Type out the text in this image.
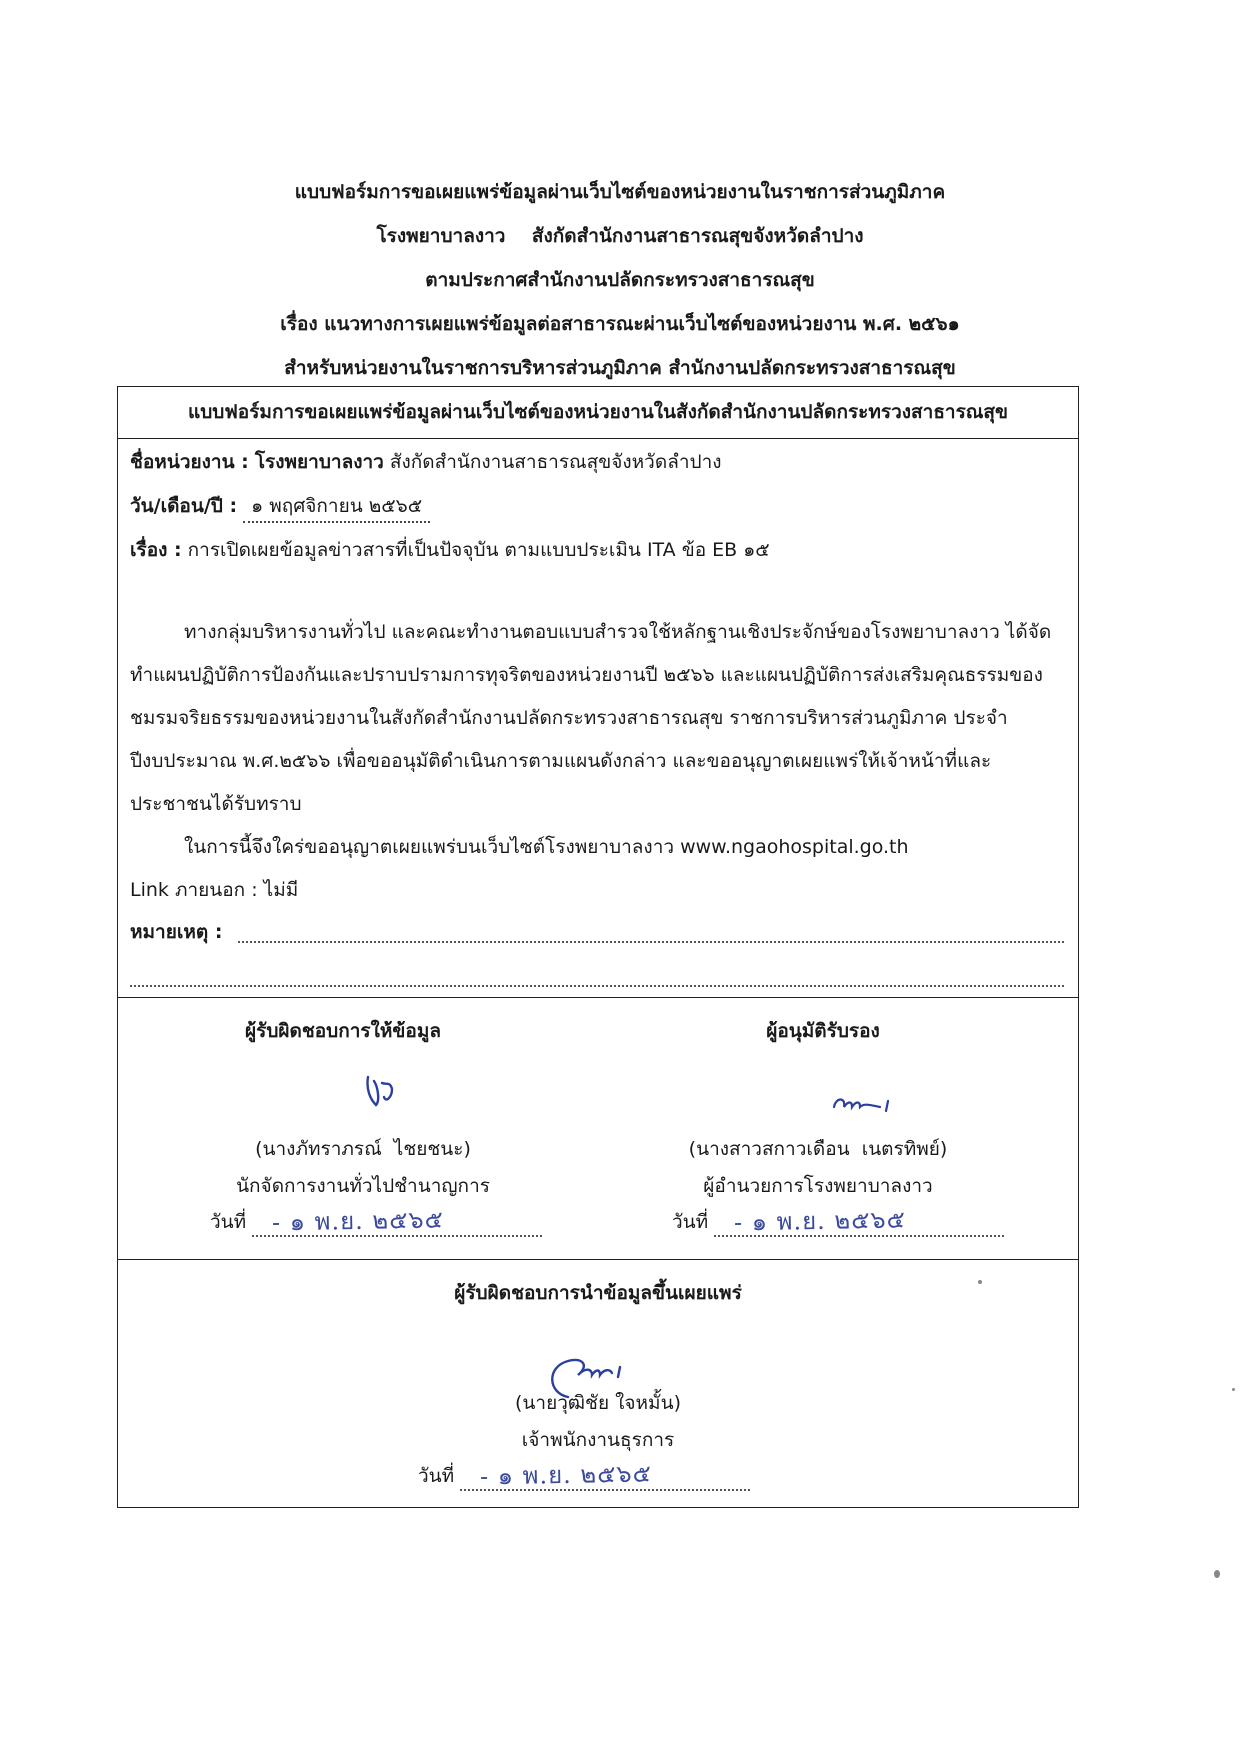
แบบฟอร์มการขอเผยแพร่ข้อมูลผ่านเว็บไซต์ของหน่วยงานในราชการส่วนภูมิภาค
โรงพยาบาลงาว    สังกัดสำนักงานสาธารณสุขจังหวัดลำปาง
ตามประกาศสำนักงานปลัดกระทรวงสาธารณสุข
เรื่อง แนวทางการเผยแพร่ข้อมูลต่อสาธารณะผ่านเว็บไซต์ของหน่วยงาน พ.ศ. ๒๕๖๑
สำหรับหน่วยงานในราชการบริหารส่วนภูมิภาค สำนักงานปลัดกระทรวงสาธารณสุข
แบบฟอร์มการขอเผยแพร่ข้อมูลผ่านเว็บไซต์ของหน่วยงานในสังกัดสำนักงานปลัดกระทรวงสาธารณสุข
ชื่อหน่วยงาน : โรงพยาบาลงาว สังกัดสำนักงานสาธารณสุขจังหวัดลำปาง
วัน/เดือน/ปี : ๑ พฤศจิกายน ๒๕๖๕
เรื่อง : การเปิดเผยข้อมูลข่าวสารที่เป็นปัจจุบัน ตามแบบประเมิน ITA ข้อ EB ๑๕

ทางกลุ่มบริหารงานทั่วไป และคณะทำงานตอบแบบสำรวจใช้หลักฐานเชิงประจักษ์ของโรงพยาบาลงาว ได้จัดทำแผนปฏิบัติการป้องกันและปราบปรามการทุจริตของหน่วยงานปี ๒๕๖๖ และแผนปฏิบัติการส่งเสริมคุณธรรมของชมรมจริยธรรมของหน่วยงานในสังกัดสำนักงานปลัดกระทรวงสาธารณสุข ราชการบริหารส่วนภูมิภาค ประจำปีงบประมาณ พ.ศ.๒๕๖๖ เพื่อขออนุมัติดำเนินการตามแผนดังกล่าว และขออนุญาตเผยแพร่ให้เจ้าหน้าที่และประชาชนได้รับทราบ

ในการนี้จึงใคร่ขออนุญาตเผยแพร่บนเว็บไซต์โรงพยาบาลงาว www.ngaohospital.go.th

Link ภายนอก : ไม่มี
หมายเหตุ :
ผู้รับผิดชอบการให้ข้อมูล
(นางภัทราภรณ์  ไชยชนะ)
นักจัดการงานทั่วไปชำนาญการ
วันที่ - ๑ พ.ย. ๒๕๖๕
ผู้อนุมัติรับรอง
(นางสาวสกาวเดือน  เนตรทิพย์)
ผู้อำนวยการโรงพยาบาลงาว
วันที่ - ๑ พ.ย. ๒๕๖๕
ผู้รับผิดชอบการนำข้อมูลขึ้นเผยแพร่
(นายวุฒิชัย ใจหมั้น)
เจ้าพนักงานธุรการ
วันที่ - ๑ พ.ย. ๒๕๖๕
